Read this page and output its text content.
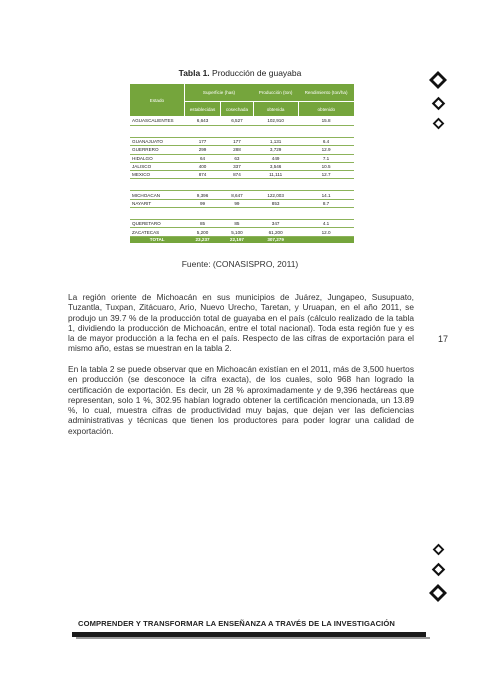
Tabla 1. Producción de guayaba
Estado	Superficie (has)		Producción (ton)	Rendimiento (ton/ha)
	establecidas	cosechada	obtenida	obtenido
AGUASCALIENTES	6,643	6,527	102,910	15.8

GUANAJUATO	177	177	1,131	6.4
GUERRERO	299	288	3,729	12.9
HIDALGO	64	63	449	7.1
JALISCO	400	337	3,546	10.5
MEXICO	874	874	11,111	12.7

MICHOACAN	9,396	8,647	122,003	14.1
NAYARIT	99	99	853	8.7

QUERETARO	85	85	347	4.1
ZACATECAS	5,200	5,100	61,200	12.0
TOTAL	23,237	22,197	307,279	
Fuente: (CONASISPRO, 2011)
La región oriente de Michoacán en sus municipios de Juárez, Jungapeo, Susupuato, Tuzantla, Tuxpan, Zitácuaro, Ario, Nuevo Urecho, Taretan, y Uruapan, en el año 2011, se produjo un 39.7 % de la producción total de guayaba en el país (cálculo realizado de la tabla 1, dividiendo la producción de Michoacán, entre el total nacional). Toda esta región fue y es la de mayor producción a la fecha en el país. Respecto de las cifras de exportación para el mismo año, estas se muestran en la tabla 2.
En la tabla 2 se puede observar que en Michoacán existían en el 2011, más de 3,500 huertos en producción (se desconoce la cifra exacta), de los cuales, solo 968 han logrado la certificación de exportación. Es decir, un 28 % aproximadamente y de 9,396 hectáreas que representan, solo 1 %, 302.95 habían logrado obtener la certificación mencionada, un 13.89 %, lo cual, muestra cifras de productividad muy bajas, que dejan ver las deficiencias administrativas y técnicas que tienen los productores para poder lograr una calidad de exportación.
17
COMPRENDER Y TRANSFORMAR LA ENSEÑANZA A TRAVÉS DE LA INVESTIGACIÓN
